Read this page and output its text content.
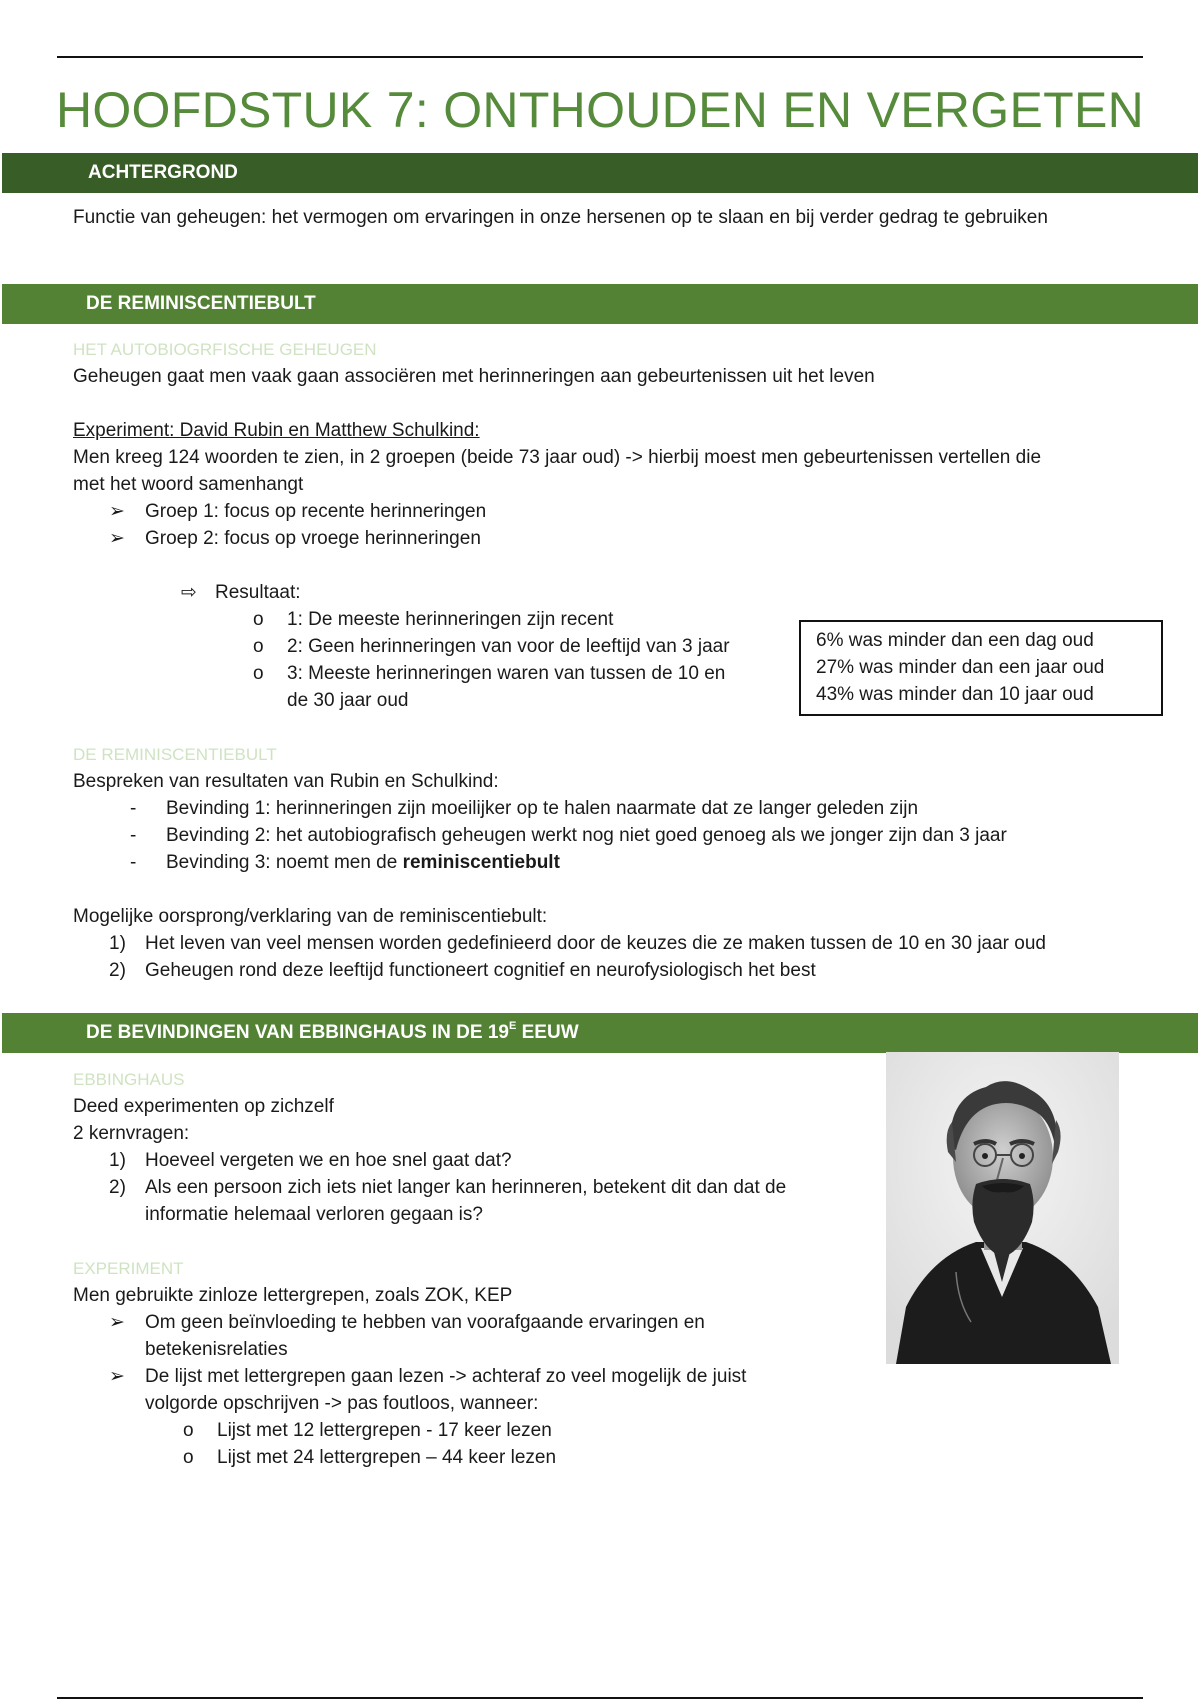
HOOFDSTUK 7: ONTHOUDEN EN VERGETEN
ACHTERGROND
Functie van geheugen: het vermogen om ervaringen in onze hersenen op te slaan en bij verder gedrag te gebruiken
DE REMINISCENTIEBULT
HET AUTOBIOGRFISCHE GEHEUGEN
Geheugen gaat men vaak gaan associëren met herinneringen aan gebeurtenissen uit het leven
Experiment: David Rubin en Matthew Schulkind:
Men kreeg 124 woorden te zien, in 2 groepen (beide 73 jaar oud) -> hierbij moest men gebeurtenissen vertellen die
met het woord samenhangt
➢ Groep 1: focus op recente herinneringen
➢ Groep 2: focus op vroege herinneringen
⇨ Resultaat:
o 1: De meeste herinneringen zijn recent
o 2: Geen herinneringen van voor de leeftijd van 3 jaar
o 3: Meeste herinneringen waren van tussen de 10 en
de 30 jaar oud
DE REMINISCENTIEBULT
Bespreken van resultaten van Rubin en Schulkind:
- Bevinding 1: herinneringen zijn moeilijker op te halen naarmate dat ze langer geleden zijn
- Bevinding 2: het autobiografisch geheugen werkt nog niet goed genoeg als we jonger zijn dan 3 jaar
- Bevinding 3: noemt men de reminiscentiebult
Mogelijke oorsprong/verklaring van de reminiscentiebult:
1) Het leven van veel mensen worden gedefinieerd door de keuzes die ze maken tussen de 10 en 30 jaar oud
2) Geheugen rond deze leeftijd functioneert cognitief en neurofysiologisch het best
6% was minder dan een dag oud
27% was minder dan een jaar oud
43% was minder dan 10 jaar oud
DE BEVINDINGEN VAN EBBINGHAUS IN DE $19^E$ EEUW
EBBINGHAUS
Deed experimenten op zichzelf
2 kernvragen:
1) Hoeveel vergeten we en hoe snel gaat dat?
2) Als een persoon zich iets niet langer kan herinneren, betekent dit dan dat de
informatie helemaal verloren gegaan is?
EXPERIMENT
Men gebruikte zinloze lettergrepen, zoals ZOK, KEP
➢ Om geen beïnvloeding te hebben van voorafgaande ervaringen en
betekenisrelaties
➢ De lijst met lettergrepen gaan lezen -> achteraf zo veel mogelijk de juist
volgorde opschrijven -> pas foutloos, wanneer:
o Lijst met 12 lettergrepen - 17 keer lezen
o Lijst met 24 lettergrepen – 44 keer lezen
